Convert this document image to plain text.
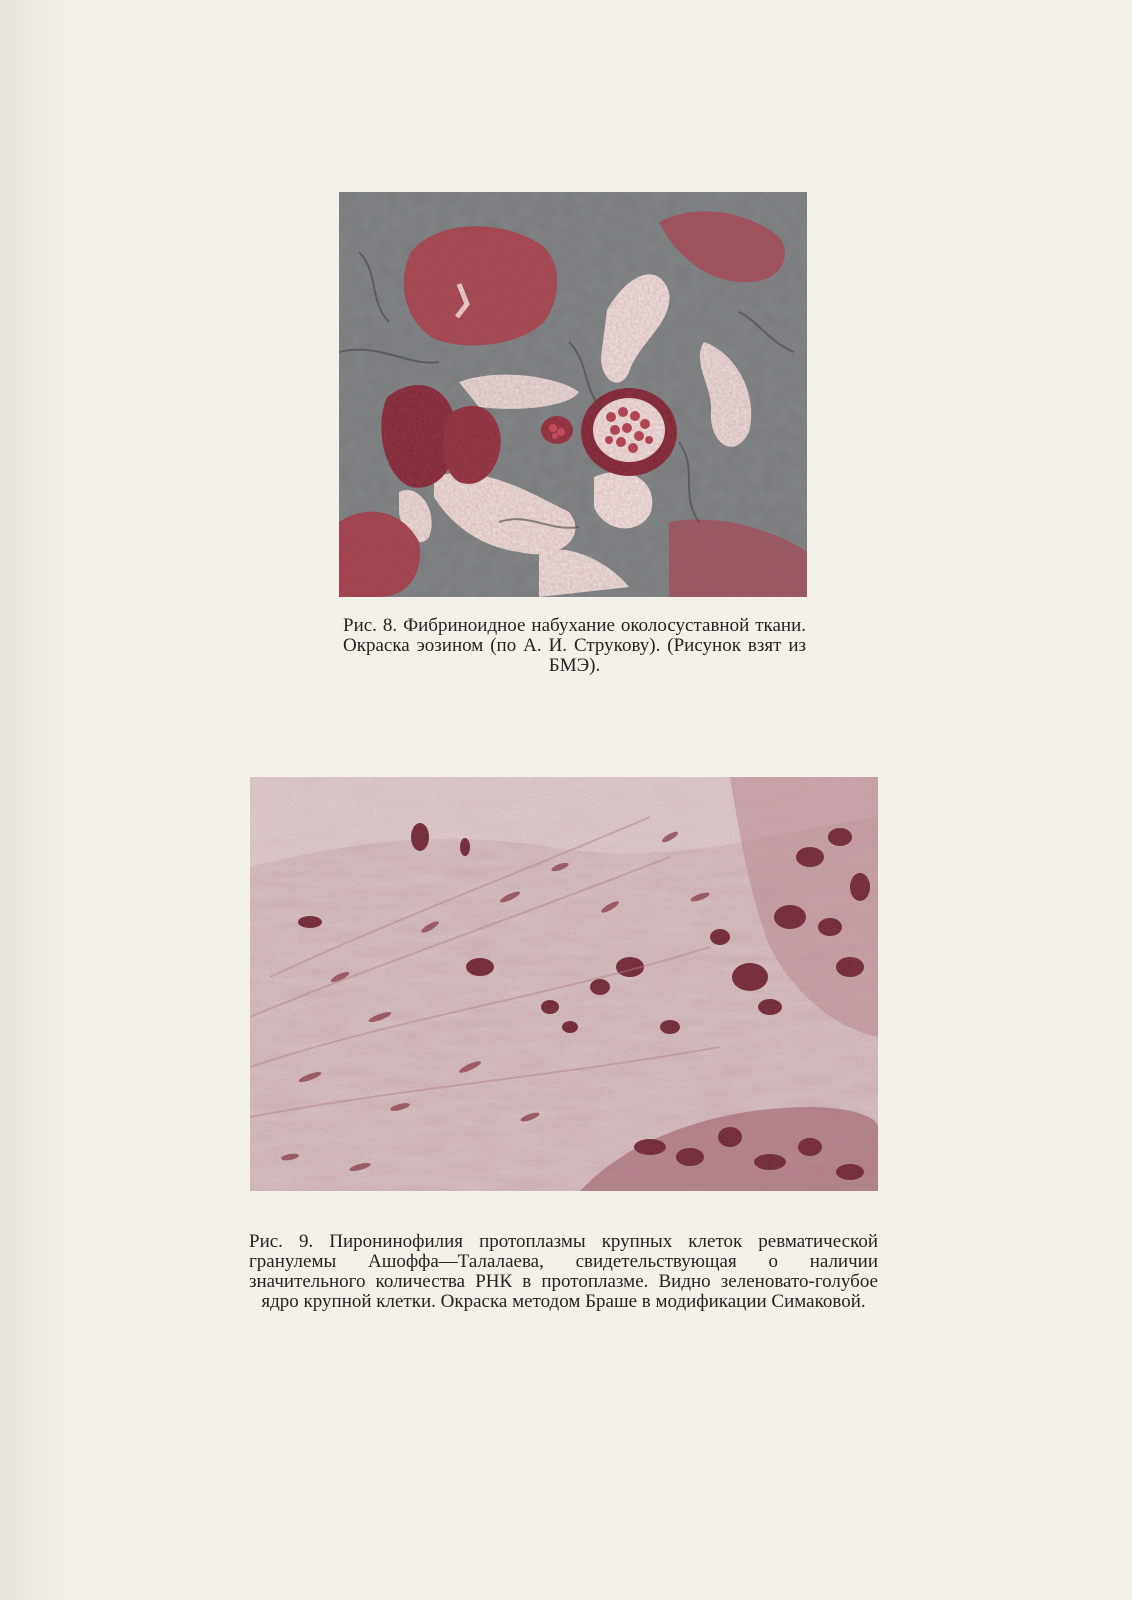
Рис. 8. Фибриноидное набухание околосуставной ткани. Окраска эозином (по А. И. Струкову). (Рисунок взят из БМЭ).

Рис. 9. Пиронинофилия протоплазмы крупных клеток ревматической гранулемы Ашоффа—Талалаева, свидетельствующая о наличии значительного количества РНК в протоплазме. Видно зеленовато-голубое ядро крупной клетки. Окраска методом Браше в модификации Симаковой.
